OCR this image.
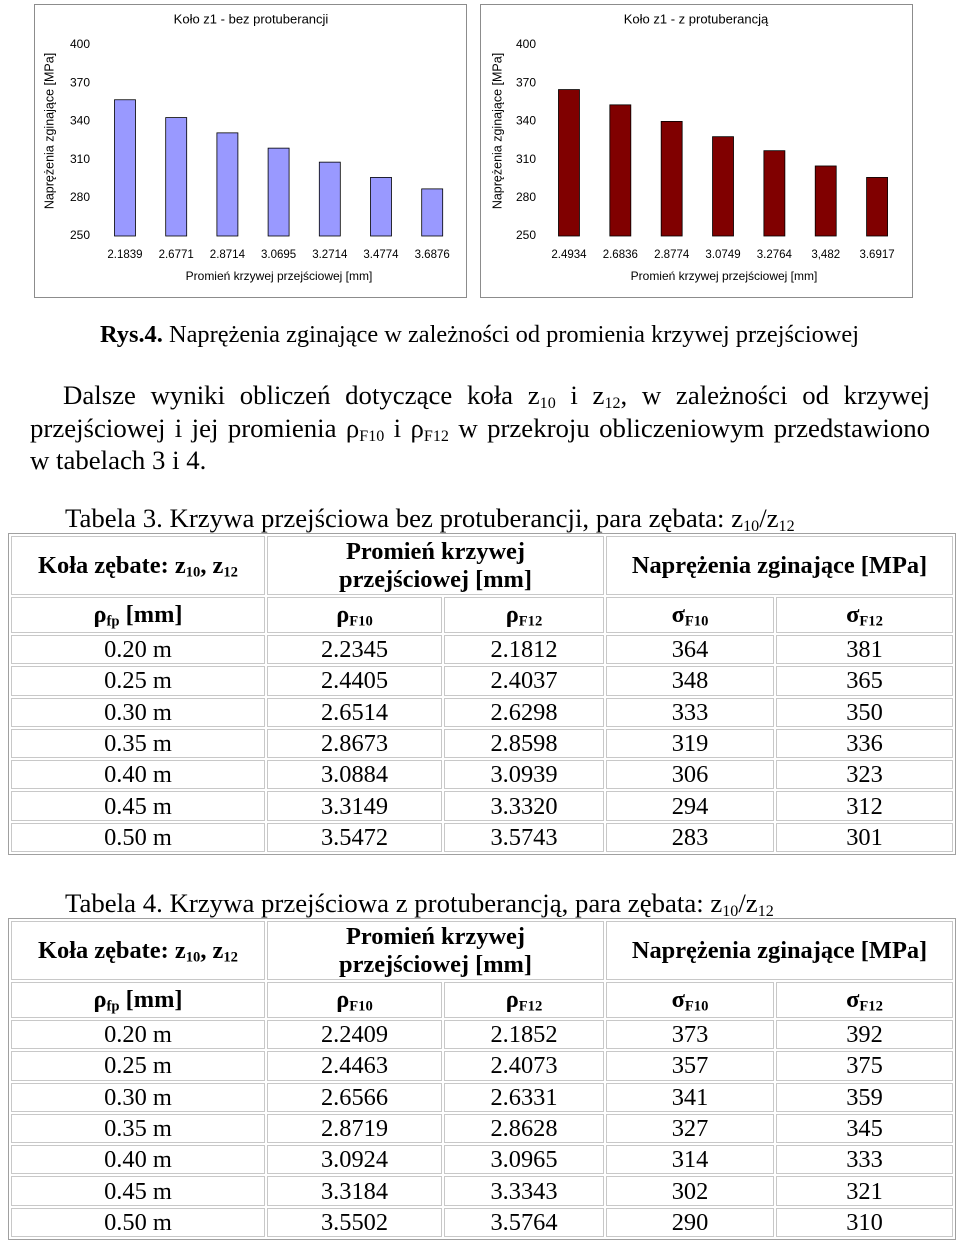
Koło z1 - bez protuberancji
Naprężenia zginające [MPa]
250
280
310
340
370
400
2.1839 2.6771 2.8714 3.0695 3.2714 3.4774 3.6876
Promień krzywej przejściowej [mm]
Koło z1 - z protuberancją
Naprężenia zginające [MPa]
250
280
310
340
370
400
2.4934 2.6836 2.8774 3.0749 3.2764 3,482 3.6917
Promień krzywej przejściowej [mm]
Rys.4. Naprężenia zginające w zależności od promienia krzywej przejściowej
Dalsze wyniki obliczeń dotyczące koła $z_{10}$ i $z_{12}$, w zależności od krzywej
przejściowej i jej promienia $\rho_{F10}$ i $\rho_{F12}$ w przekroju obliczeniowym przedstawiono
w tabelach 3 i 4.
Tabela 3. Krzywa przejściowa bez protuberancji, para zębata: $z_{10}/z_{12}$
Koła zębate: $z_{10}$, $z_{12}$	Promień krzywej przejściowej [mm]		Naprężenia zginające [MPa]	
$\rho_{fp}$ [mm]	$\rho_{F10}$	$\rho_{F12}$	$\sigma_{F10}$	$\sigma_{F12}$
0.20 m	2.2345	2.1812	364	381
0.25 m	2.4405	2.4037	348	365
0.30 m	2.6514	2.6298	333	350
0.35 m	2.8673	2.8598	319	336
0.40 m	3.0884	3.0939	306	323
0.45 m	3.3149	3.3320	294	312
0.50 m	3.5472	3.5743	283	301
Tabela 4. Krzywa przejściowa z protuberancją, para zębata: $z_{10}/z_{12}$
Koła zębate: $z_{10}$, $z_{12}$	Promień krzywej przejściowej [mm]		Naprężenia zginające [MPa]	
$\rho_{fp}$ [mm]	$\rho_{F10}$	$\rho_{F12}$	$\sigma_{F10}$	$\sigma_{F12}$
0.20 m	2.2409	2.1852	373	392
0.25 m	2.4463	2.4073	357	375
0.30 m	2.6566	2.6331	341	359
0.35 m	2.8719	2.8628	327	345
0.40 m	3.0924	3.0965	314	333
0.45 m	3.3184	3.3343	302	321
0.50 m	3.5502	3.5764	290	310
